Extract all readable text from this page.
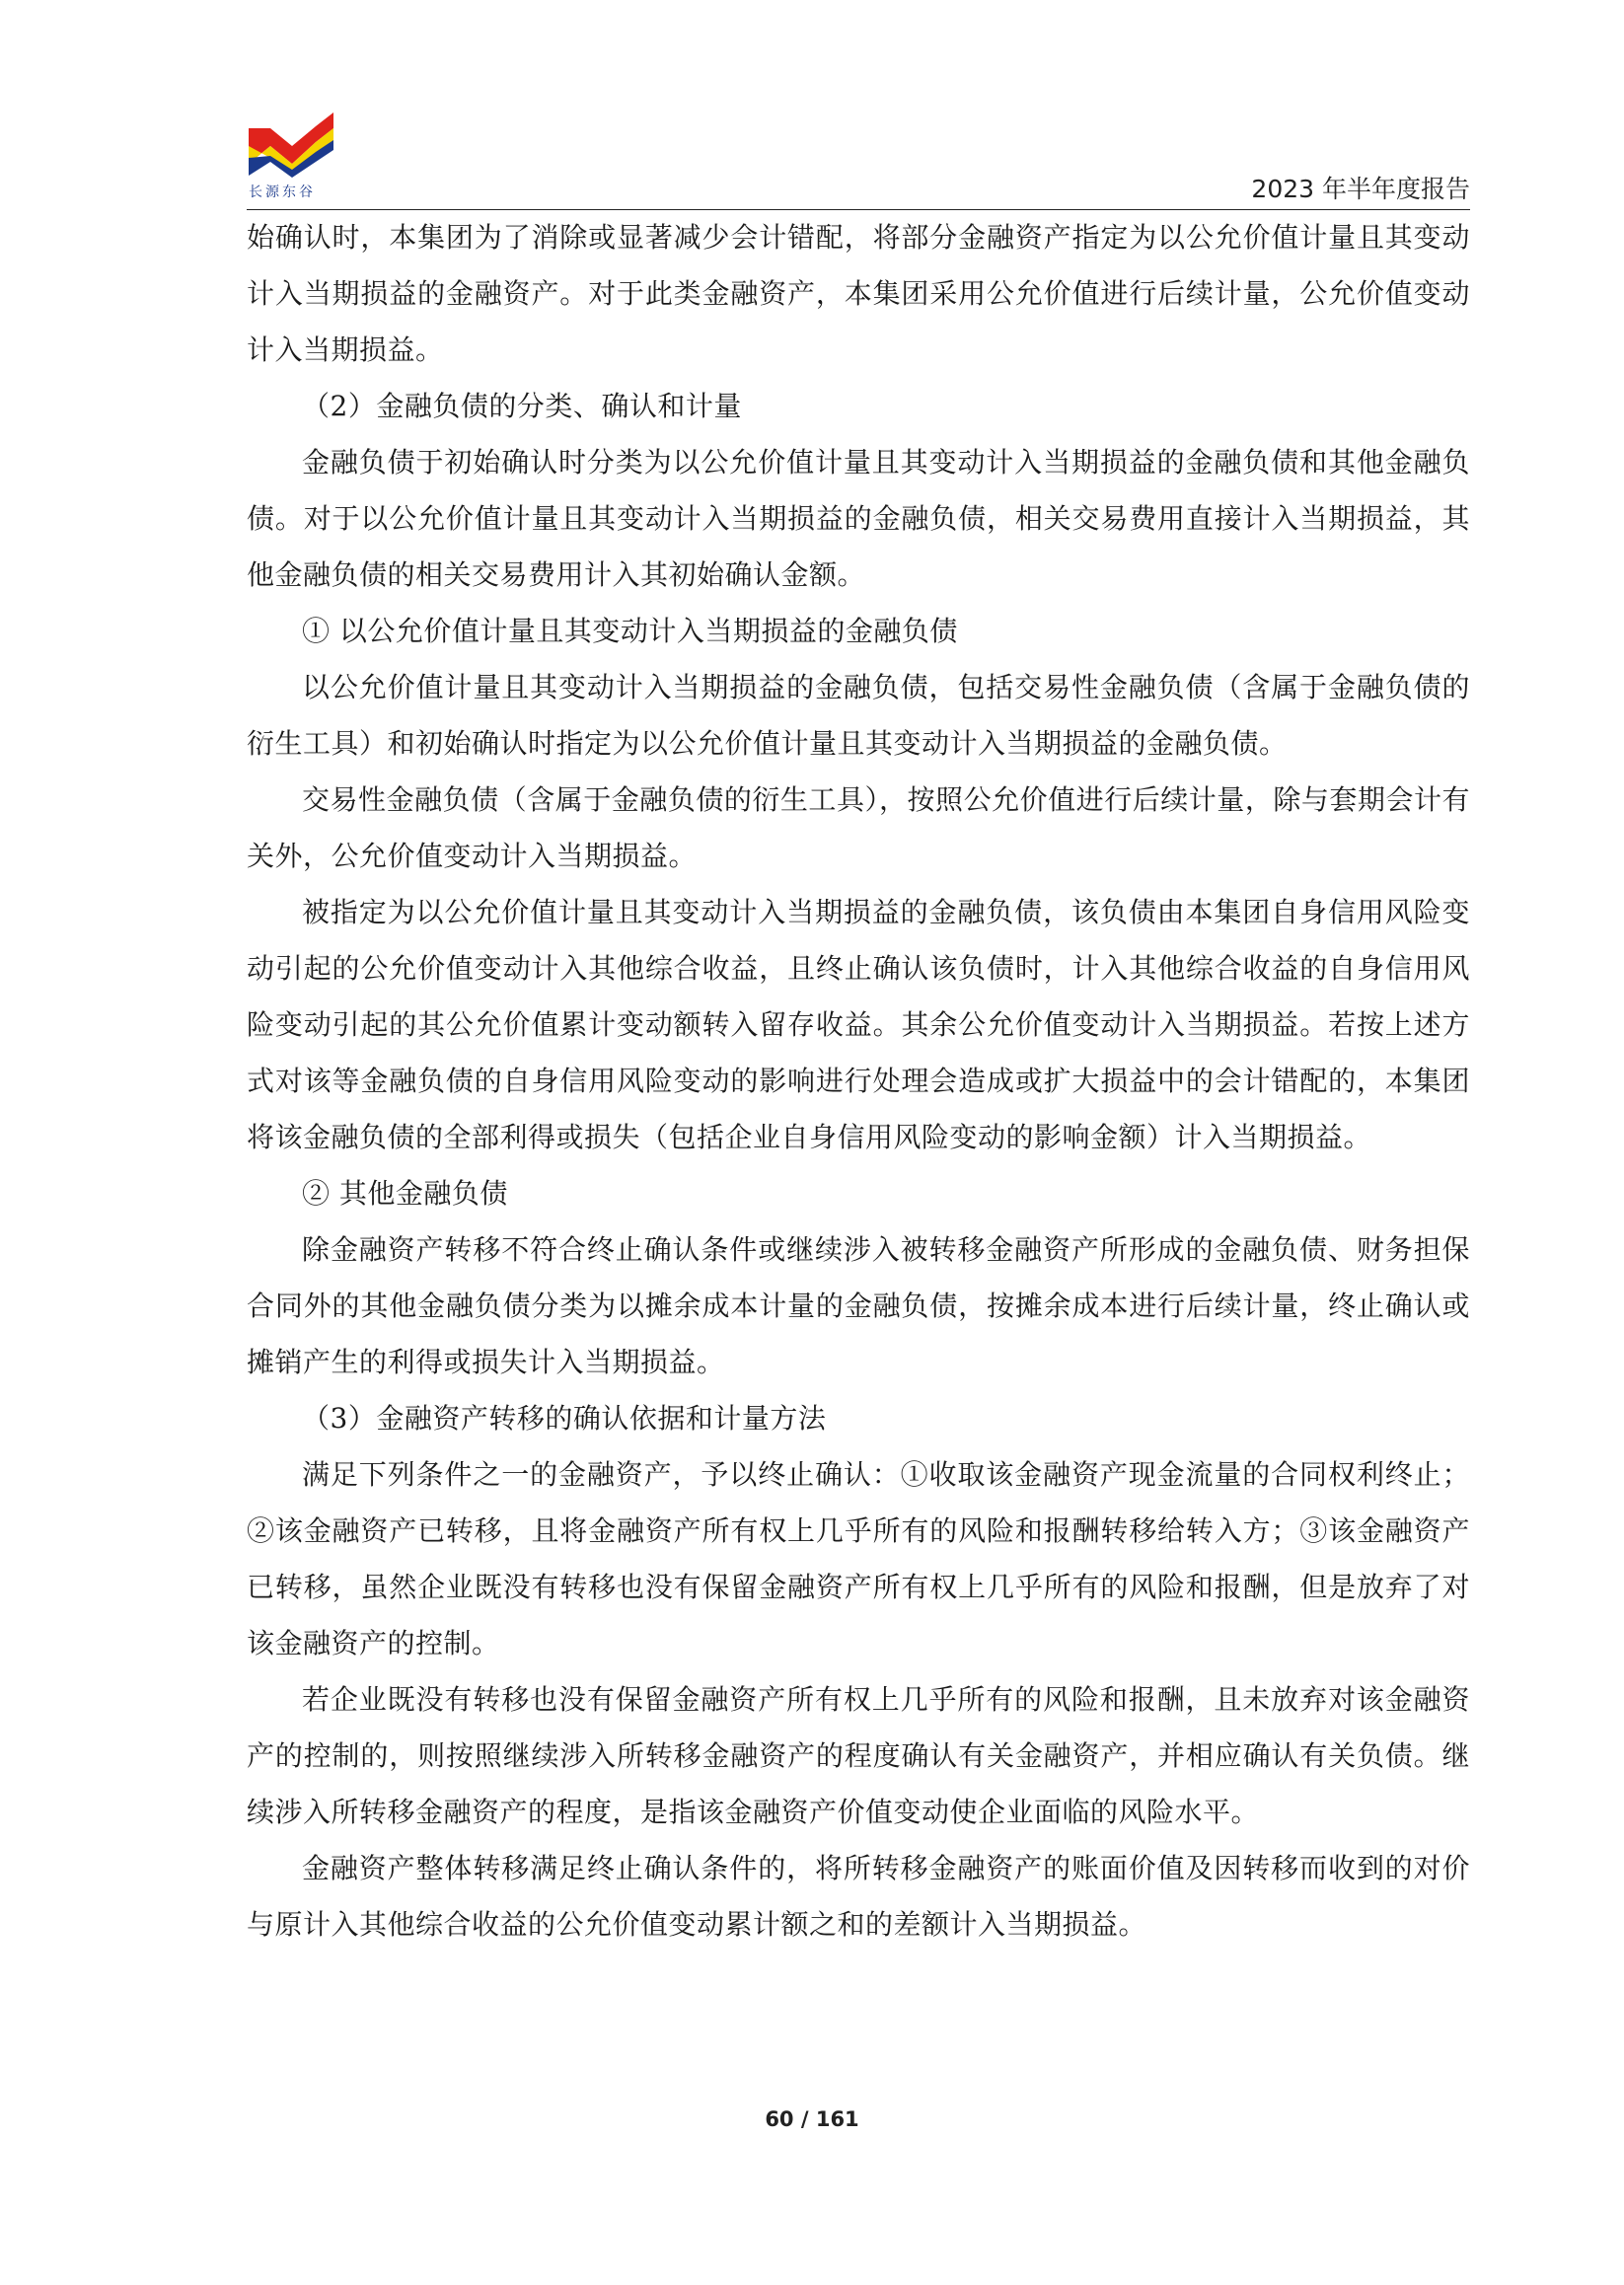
长源东谷	2023 年半年度报告

始确认时，本集团为了消除或显著减少会计错配，将部分金融资产指定为以公允价值计量且其变动计入当期损益的金融资产。对于此类金融资产，本集团采用公允价值进行后续计量，公允价值变动计入当期损益。

（2）金融负债的分类、确认和计量

金融负债于初始确认时分类为以公允价值计量且其变动计入当期损益的金融负债和其他金融负债。对于以公允价值计量且其变动计入当期损益的金融负债，相关交易费用直接计入当期损益，其他金融负债的相关交易费用计入其初始确认金额。

① 以公允价值计量且其变动计入当期损益的金融负债

以公允价值计量且其变动计入当期损益的金融负债，包括交易性金融负债（含属于金融负债的衍生工具）和初始确认时指定为以公允价值计量且其变动计入当期损益的金融负债。

交易性金融负债（含属于金融负债的衍生工具），按照公允价值进行后续计量，除与套期会计有关外，公允价值变动计入当期损益。

被指定为以公允价值计量且其变动计入当期损益的金融负债，该负债由本集团自身信用风险变动引起的公允价值变动计入其他综合收益，且终止确认该负债时，计入其他综合收益的自身信用风险变动引起的其公允价值累计变动额转入留存收益。其余公允价值变动计入当期损益。若按上述方式对该等金融负债的自身信用风险变动的影响进行处理会造成或扩大损益中的会计错配的，本集团将该金融负债的全部利得或损失（包括企业自身信用风险变动的影响金额）计入当期损益。

② 其他金融负债

除金融资产转移不符合终止确认条件或继续涉入被转移金融资产所形成的金融负债、财务担保合同外的其他金融负债分类为以摊余成本计量的金融负债，按摊余成本进行后续计量，终止确认或摊销产生的利得或损失计入当期损益。

（3）金融资产转移的确认依据和计量方法

满足下列条件之一的金融资产，予以终止确认：①收取该金融资产现金流量的合同权利终止；②该金融资产已转移，且将金融资产所有权上几乎所有的风险和报酬转移给转入方；③该金融资产已转移，虽然企业既没有转移也没有保留金融资产所有权上几乎所有的风险和报酬，但是放弃了对该金融资产的控制。

若企业既没有转移也没有保留金融资产所有权上几乎所有的风险和报酬，且未放弃对该金融资产的控制的，则按照继续涉入所转移金融资产的程度确认有关金融资产，并相应确认有关负债。继续涉入所转移金融资产的程度，是指该金融资产价值变动使企业面临的风险水平。

金融资产整体转移满足终止确认条件的，将所转移金融资产的账面价值及因转移而收到的对价与原计入其他综合收益的公允价值变动累计额之和的差额计入当期损益。

60 / 161
